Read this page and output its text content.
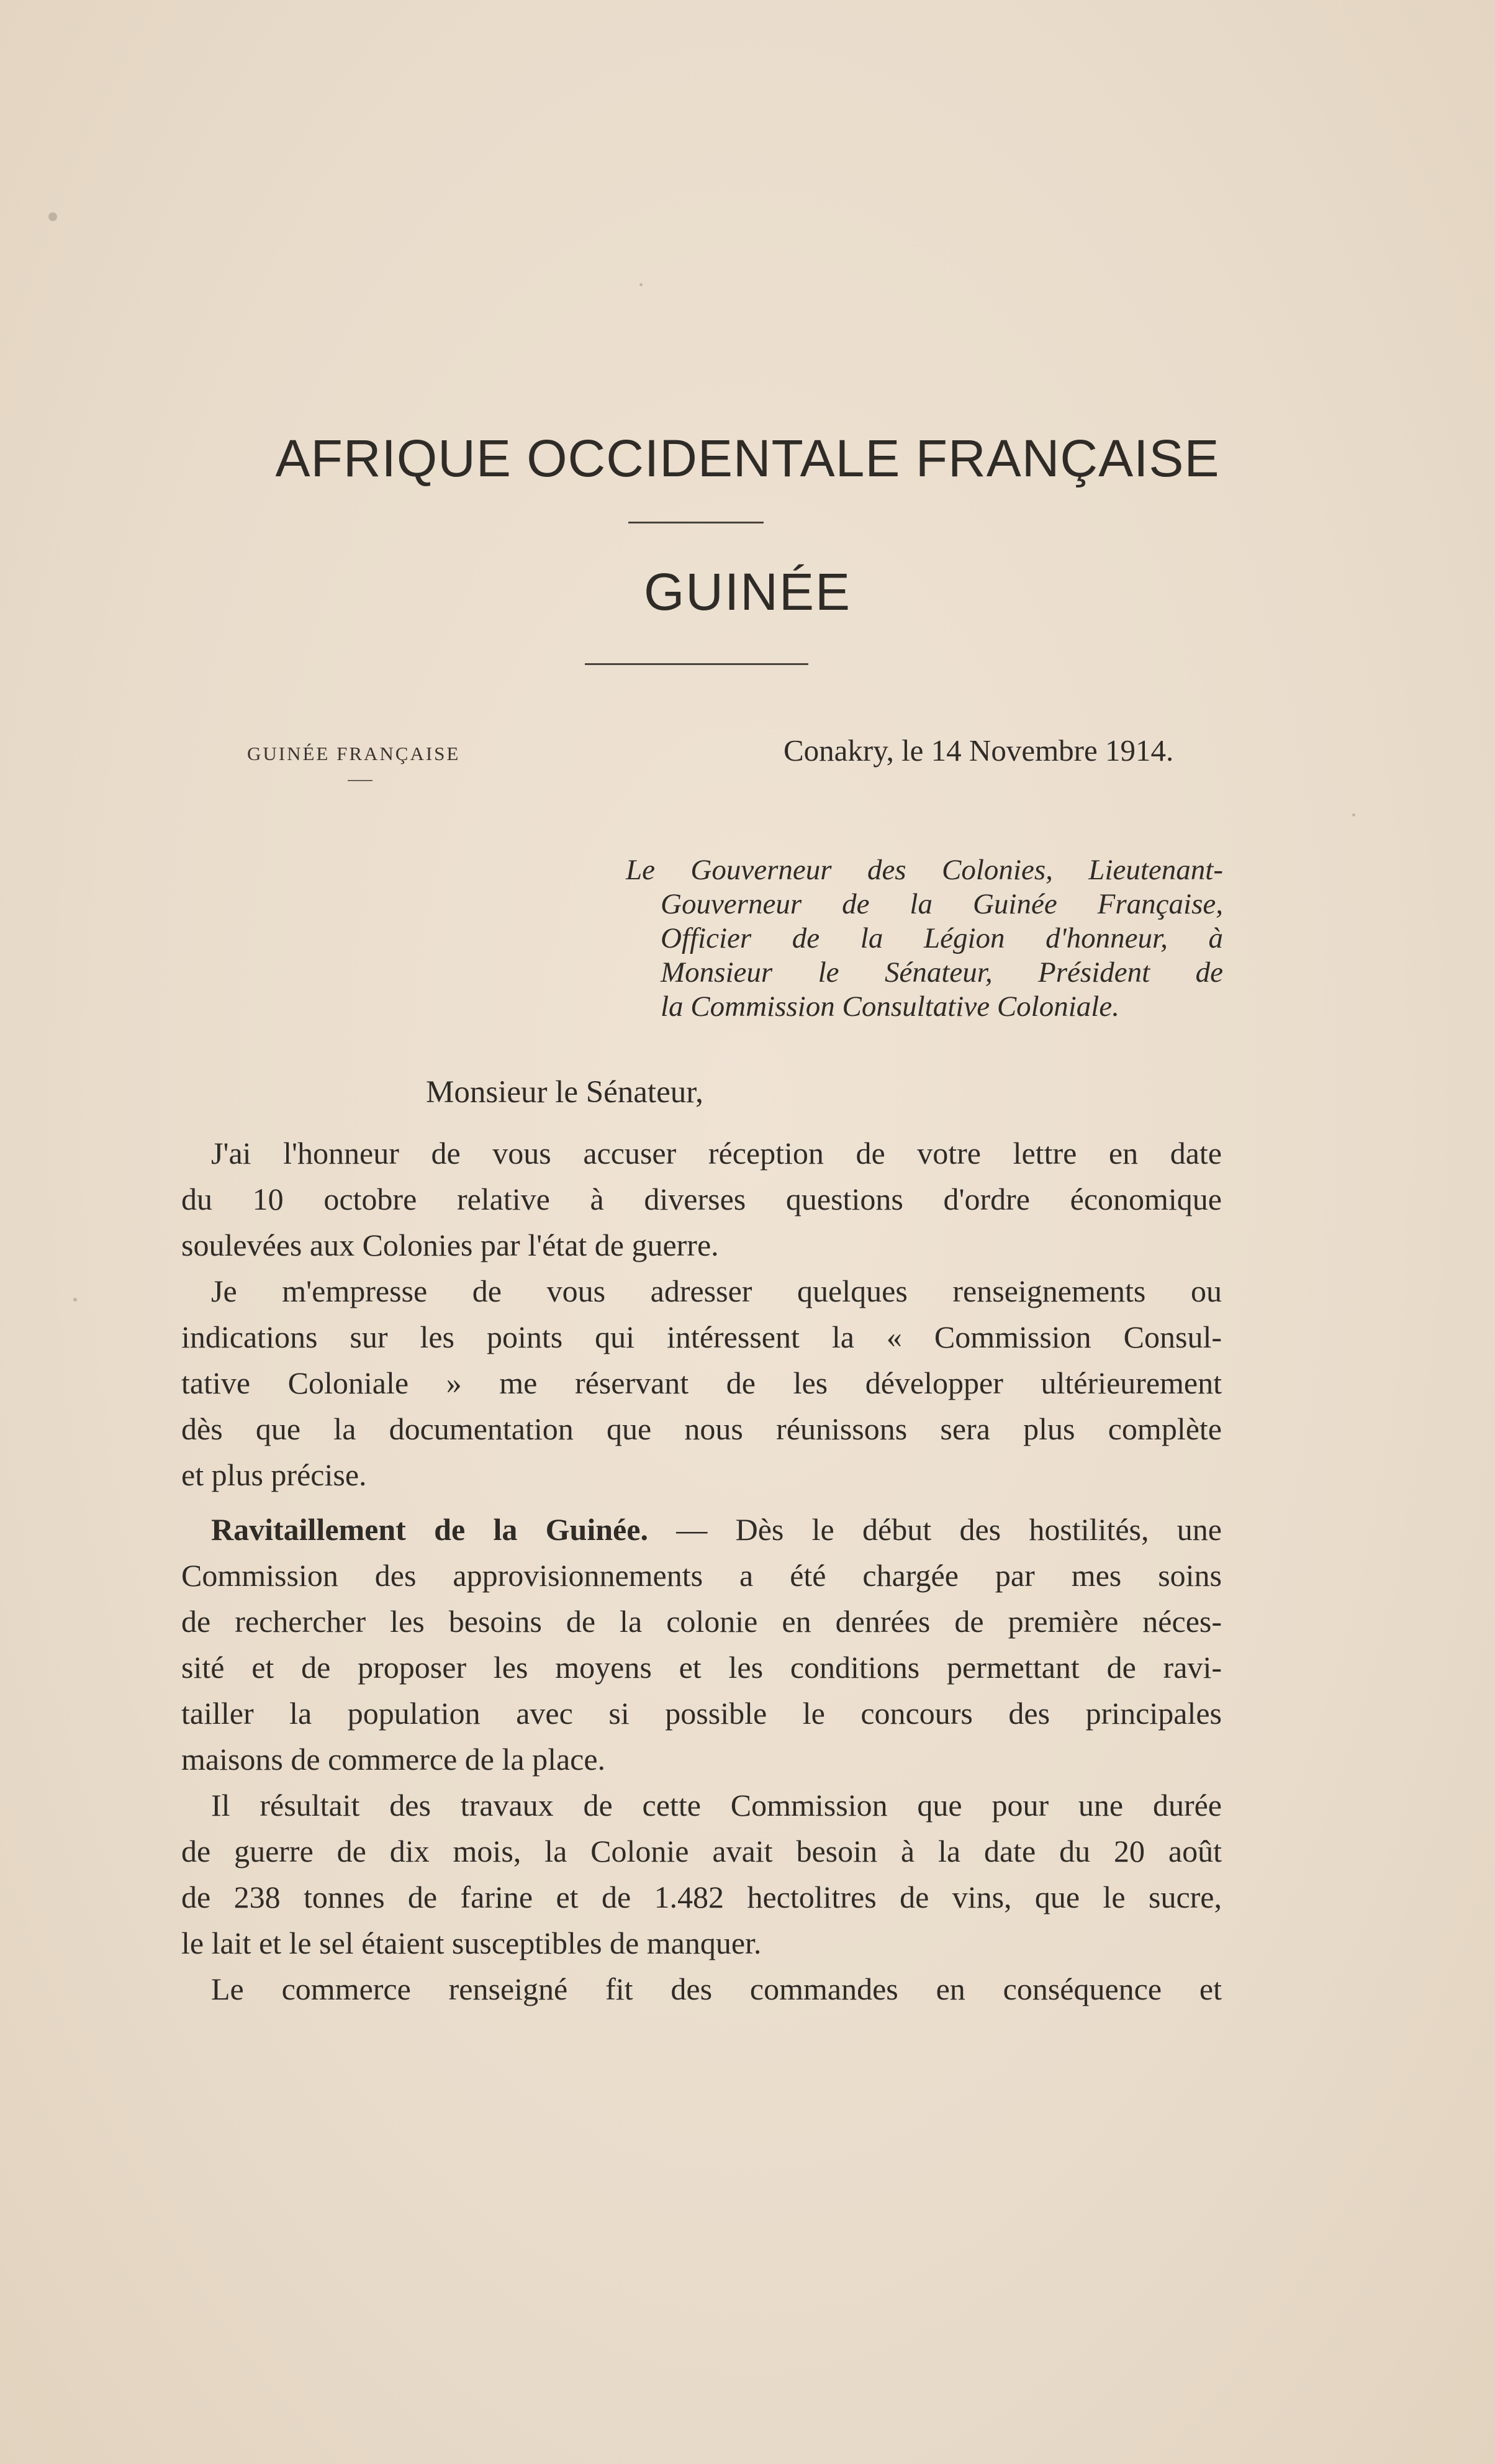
AFRIQUE OCCIDENTALE FRANÇAISE
GUINÉE
GUINÉE FRANÇAISE	Conakry, le 14 Novembre 1914.
Le Gouverneur des Colonies, Lieutenant-
Gouverneur de la Guinée Française,
Officier de la Légion d'honneur, à
Monsieur le Sénateur, Président de
la Commission Consultative Coloniale.
Monsieur le Sénateur,
J'ai l'honneur de vous accuser réception de votre lettre en date
du 10 octobre relative à diverses questions d'ordre économique
soulevées aux Colonies par l'état de guerre.
Je m'empresse de vous adresser quelques renseignements ou
indications sur les points qui intéressent la « Commission Consul-
tative Coloniale » me réservant de les développer ultérieurement
dès que la documentation que nous réunissons sera plus complète
et plus précise.
Ravitaillement de la Guinée. — Dès le début des hostilités, une
Commission des approvisionnements a été chargée par mes soins
de rechercher les besoins de la colonie en denrées de première néces-
sité et de proposer les moyens et les conditions permettant de ravi-
tailler la population avec si possible le concours des principales
maisons de commerce de la place.
Il résultait des travaux de cette Commission que pour une durée
de guerre de dix mois, la Colonie avait besoin à la date du 20 août
de 238 tonnes de farine et de 1.482 hectolitres de vins, que le sucre,
le lait et le sel étaient susceptibles de manquer.
Le commerce renseigné fit des commandes en conséquence et
